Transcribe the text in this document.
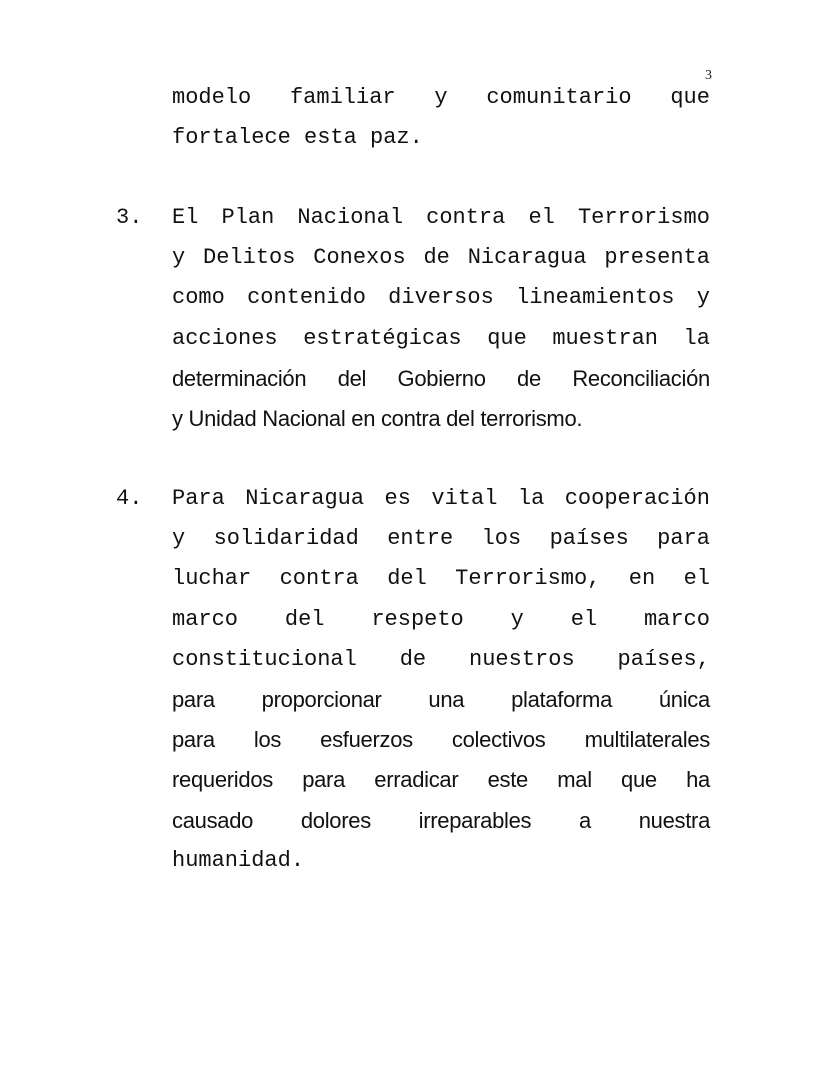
3
modelo familiar y comunitario que
fortalece esta paz.
3. El Plan Nacional contra el Terrorismo
y Delitos Conexos de Nicaragua presenta
como contenido diversos lineamientos y
acciones estratégicas que muestran la
determinación del Gobierno de Reconciliación
y Unidad Nacional en contra del terrorismo.
4. Para Nicaragua es vital la cooperación
y solidaridad entre los países para
luchar contra del Terrorismo, en el
marco del respeto y el marco
constitucional de nuestros países,
para proporcionar una plataforma única
para los esfuerzos colectivos multilaterales
requeridos para erradicar este mal que ha
causado dolores irreparables a nuestra
humanidad.
